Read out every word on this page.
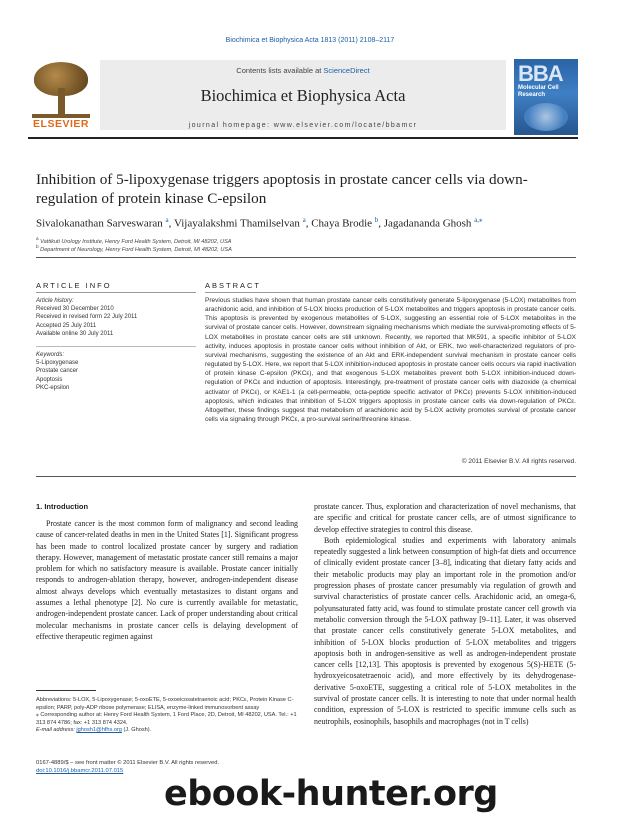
Biochimica et Biophysica Acta 1813 (2011) 2108–2117
ELSEVIER
Contents lists available at ScienceDirect
Biochimica et Biophysica Acta
journal homepage: www.elsevier.com/locate/bbamcr
BBA
Molecular Cell Research
Inhibition of 5-lipoxygenase triggers apoptosis in prostate cancer cells via down-regulation of protein kinase C-epsilon
Sivalokanathan Sarveswaran $^a$, Vijayalakshmi Thamilselvan $^a$, Chaya Brodie $^b$, Jagadananda Ghosh $^{a,⁎}$
$^a$ Vattikuti Urology Institute, Henry Ford Health System, Detroit, MI 48202, USA
$^b$ Department of Neurology, Henry Ford Health System, Detroit, MI 48202, USA
ARTICLE INFO	ABSTRACT
Article history:
Received 30 December 2010
Received in revised form 22 July 2011
Accepted 25 July 2011
Available online 30 July 2011
Keywords:
5-Lipoxygenase
Prostate cancer
Apoptosis
PKC-epsilon
Previous studies have shown that human prostate cancer cells constitutively generate 5-lipoxygenase (5-LOX) metabolites from arachidonic acid, and inhibition of 5-LOX blocks production of 5-LOX metabolites and triggers apoptosis in prostate cancer cells. This apoptosis is prevented by exogenous metabolites of 5-LOX, suggesting an essential role of 5-LOX metabolites in the survival of prostate cancer cells. However, downstream signaling mechanisms which mediate the survival-promoting effects of 5-LOX metabolites in prostate cancer cells are still unknown. Recently, we reported that MK591, a specific inhibitor of 5-LOX activity, induces apoptosis in prostate cancer cells without inhibition of Akt, or ERK, two well-characterized regulators of pro-survival mechanisms, suggesting the existence of an Akt and ERK-independent survival mechanism in prostate cancer cells regulated by 5-LOX. Here, we report that 5-LOX inhibition-induced apoptosis in prostate cancer cells occurs via rapid inactivation of protein kinase C-epsilon (PKCε), and that exogenous 5-LOX metabolites prevent both 5-LOX inhibition-induced down-regulation of PKCε and induction of apoptosis. Interestingly, pre-treatment of prostate cancer cells with diazoxide (a chemical activator of PKCε), or KAE1-1 (a cell-permeable, octa-peptide specific activator of PKCε) prevents 5-LOX inhibition-induced apoptosis, which indicates that inhibition of 5-LOX triggers apoptosis in prostate cancer cells via down-regulation of PKCε. Altogether, these findings suggest that metabolism of arachidonic acid by 5-LOX activity promotes survival of prostate cancer cells via signaling through PKCε, a pro-survival serine/threonine kinase.
© 2011 Elsevier B.V. All rights reserved.
1. Introduction
Prostate cancer is the most common form of malignancy and second leading cause of cancer-related deaths in men in the United States [1]. Significant progress has been made to control localized prostate cancer by surgery and radiation therapy. However, management of metastatic prostate cancer still remains a major problem for which no satisfactory measure is available. Prostate cancer initially responds to androgen-ablation therapy, however, androgen-independent disease almost always develops which eventually metastasizes to distant organs and assumes a lethal phenotype [2]. No cure is currently available for metastatic, androgen-independent prostate cancer. Lack of proper understanding about critical molecular mechanisms in prostate cancer cells is delaying development of effective therapeutic regimen against
prostate cancer. Thus, exploration and characterization of novel mechanisms, that are specific and critical for prostate cancer cells, are of utmost significance to develop effective strategies to control this disease.
Both epidemiological studies and experiments with laboratory animals repeatedly suggested a link between consumption of high-fat diets and occurrence of clinically evident prostate cancer [3–8], indicating that dietary fatty acids and their metabolic products may play an important role in the promotion and/or progression phases of prostate cancer presumably via regulation of growth and survival characteristics of prostate cancer cells. Arachidonic acid, an omega-6, polyunsaturated fatty acid, was found to stimulate prostate cancer cell growth via metabolic conversion through the 5-LOX pathway [9–11]. Later, it was observed that prostate cancer cells constitutively generate 5-LOX metabolites, and inhibition of 5-LOX blocks production of 5-LOX metabolites and triggers apoptosis both in androgen-sensitive as well as androgen-independent prostate cancer cells [12,13]. This apoptosis is prevented by exogenous 5(S)-HETE (5-hydroxyeicosatetraenoic acid), and more effectively by its dehydrogenase-derivative 5-oxoETE, suggesting a critical role of 5-LOX metabolites in the survival of prostate cancer cells. It is interesting to note that under normal health condition, expression of 5-LOX is restricted to specific immune cells such as neutrophils, eosinophils, basophils and macrophages (not in T cells)
Abbreviations: 5-LOX, 5-Lipoxygenase; 5-oxoETE, 5-oxoeicosatetraenoic acid; PKCε, Protein Kinase C-epsilon; PARP, poly-ADP ribose polymerase; ELISA, enzyme-linked immunosorbent assay
⁎ Corresponding author at: Henry Ford Health System, 1 Ford Place, 2D, Detroit, MI 48202, USA. Tel.: +1 313 874 4786; fax: +1 313 874 4324.
E-mail address: jghosh1@hfhs.org (J. Ghosh).
0167-4889/$ – see front matter © 2011 Elsevier B.V. All rights reserved.
doi:10.1016/j.bbamcr.2011.07.015
ebook-hunter.org
